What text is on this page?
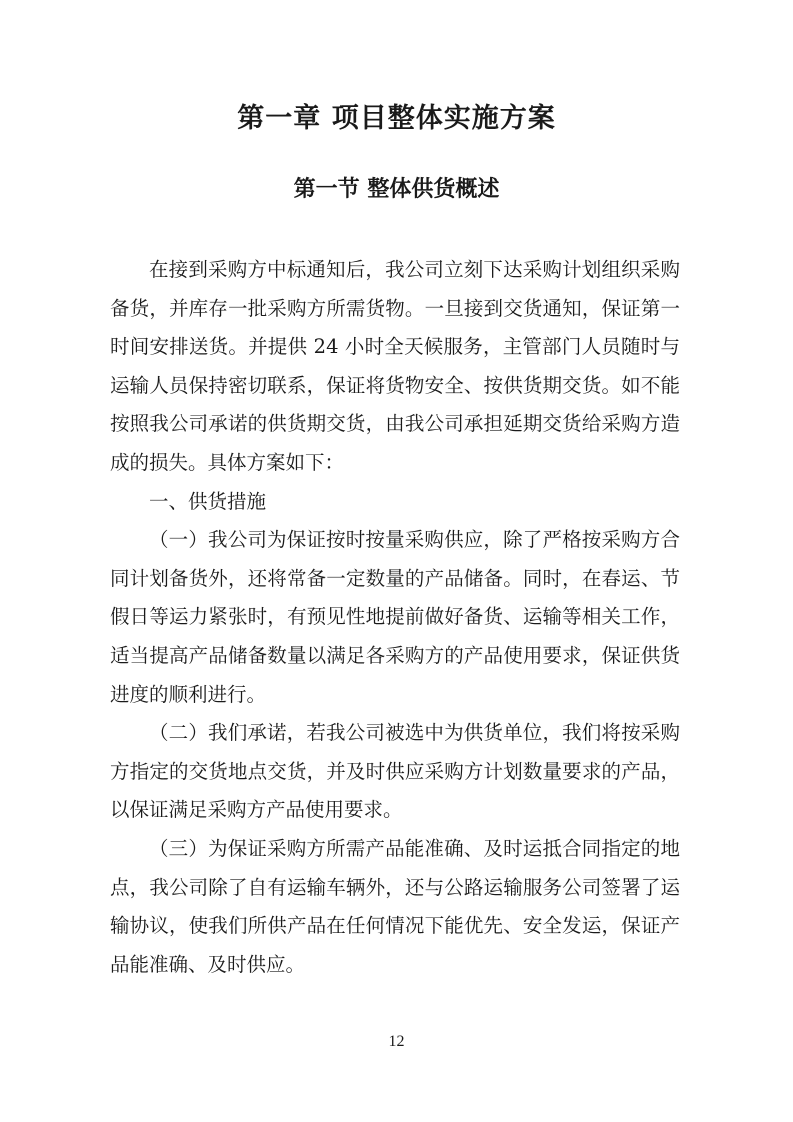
第一章 项目整体实施方案
第一节 整体供货概述

在接到采购方中标通知后，我公司立刻下达采购计划组织采购备货，并库存一批采购方所需货物。一旦接到交货通知，保证第一时间安排送货。并提供 24 小时全天候服务，主管部门人员随时与运输人员保持密切联系，保证将货物安全、按供货期交货。如不能按照我公司承诺的供货期交货，由我公司承担延期交货给采购方造成的损失。具体方案如下：

一、供货措施

（一）我公司为保证按时按量采购供应，除了严格按采购方合同计划备货外，还将常备一定数量的产品储备。同时，在春运、节假日等运力紧张时，有预见性地提前做好备货、运输等相关工作，适当提高产品储备数量以满足各采购方的产品使用要求，保证供货进度的顺利进行。

（二）我们承诺，若我公司被选中为供货单位，我们将按采购方指定的交货地点交货，并及时供应采购方计划数量要求的产品，以保证满足采购方产品使用要求。

（三）为保证采购方所需产品能准确、及时运抵合同指定的地点，我公司除了自有运输车辆外，还与公路运输服务公司签署了运输协议，使我们所供产品在任何情况下能优先、安全发运，保证产品能准确、及时供应。

12
